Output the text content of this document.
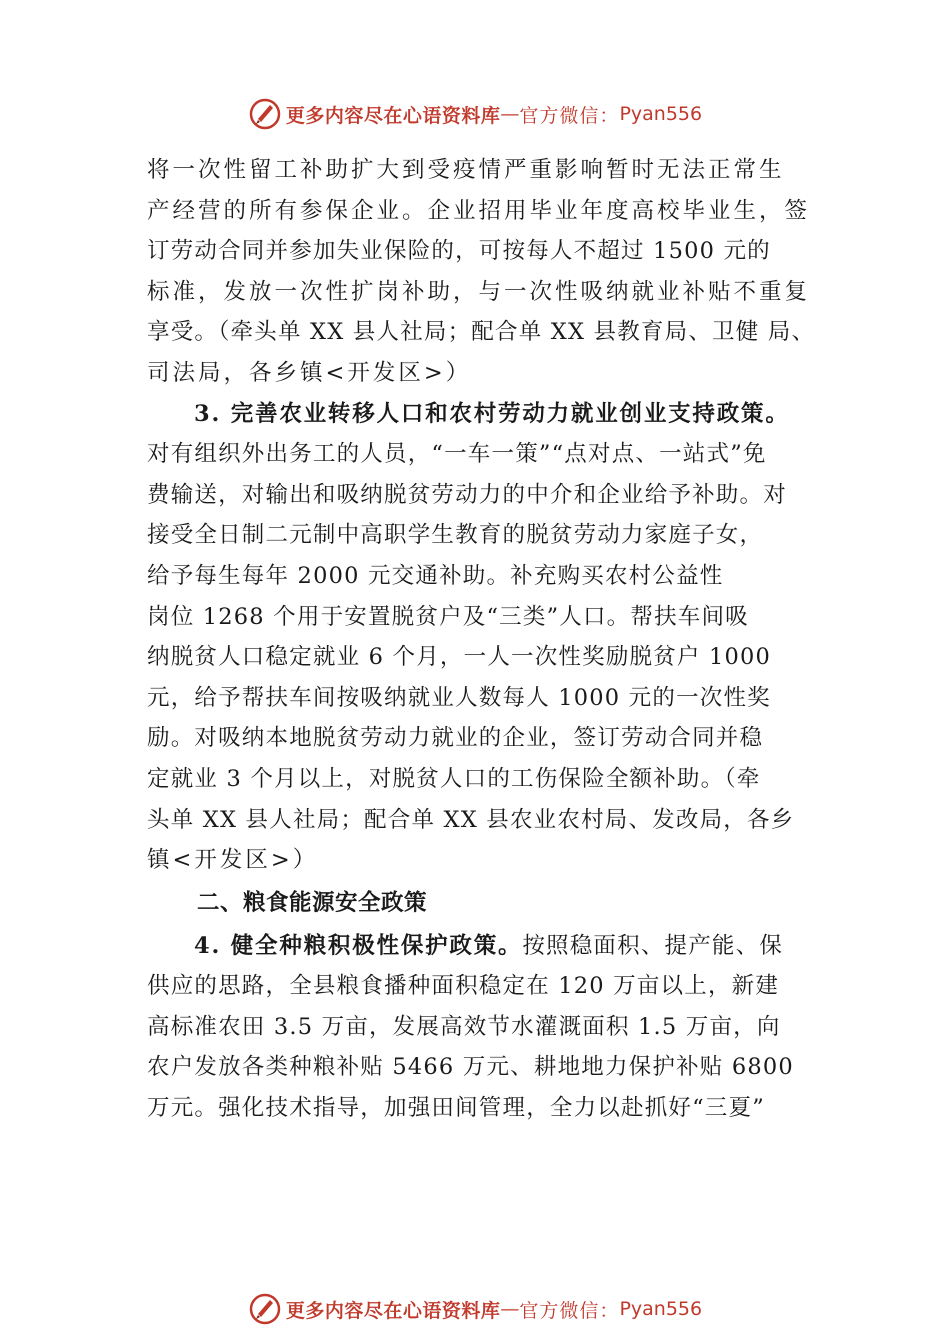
更多内容尽在心语资料库 — 官方微信： Pyan556
将一次性留工补助扩大到受疫情严重影响暂时无法正常生
产经营的所有参保企业。企业招用毕业年度高校毕业生，签
订劳动合同并参加失业保险的，可按每人不超过 1500 元的
标准，发放一次性扩岗补助，与一次性吸纳就业补贴不重复
享受。（牵头单 XX 县人社局；配合单 XX 县教育局、卫健 局、
司法局，各乡镇<开发区>）
3. 完善农业转移人口和农村劳动力就业创业支持政策。
对有组织外出务工的人员，“一车一策”“点对点、一站式”免
费输送，对输出和吸纳脱贫劳动力的中介和企业给予补助。对
接受全日制二元制中高职学生教育的脱贫劳动力家庭子女，
给予每生每年 2000 元交通补助。补充购买农村公益性
岗位 1268 个用于安置脱贫户及“三类”人口。帮扶车间吸
纳脱贫人口稳定就业 6 个月，一人一次性奖励脱贫户 1000
元，给予帮扶车间按吸纳就业人数每人 1000 元的一次性奖
励。对吸纳本地脱贫劳动力就业的企业，签订劳动合同并稳
定就业 3 个月以上，对脱贫人口的工伤保险全额补助。（牵
头单 XX 县人社局；配合单 XX 县农业农村局、发改局，各乡
镇<开发区>）
二、粮食能源安全政策
4. 健全种粮积极性保护政策。按照稳面积、提产能、保
供应的思路，全县粮食播种面积稳定在 120 万亩以上，新建
高标准农田 3.5 万亩，发展高效节水灌溉面积 1.5 万亩，向
农户发放各类种粮补贴 5466 万元、耕地地力保护补贴 6800
万元。强化技术指导，加强田间管理，全力以赴抓好“三夏”
更多内容尽在心语资料库 — 官方微信： Pyan556
